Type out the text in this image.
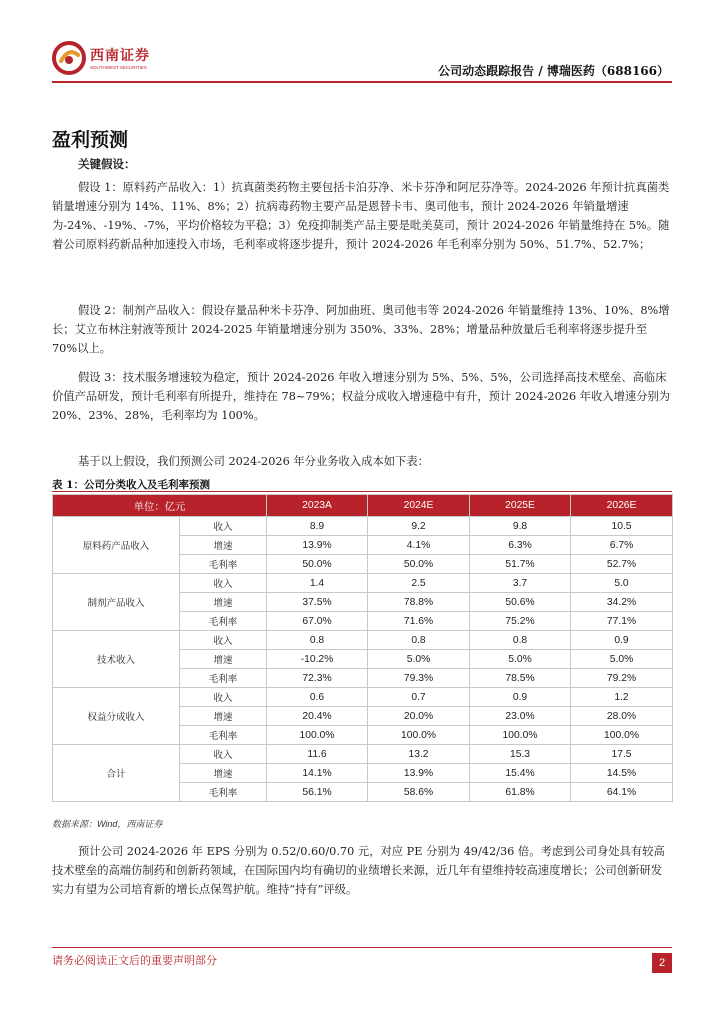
西南证券
SOUTHWEST SECURITIES	公司动态跟踪报告 / 博瑞医药（688166）
盈利预测
关键假设：

假设 1：原料药产品收入：1）抗真菌类药物主要包括卡泊芬净、米卡芬净和阿尼芬净等。2024-2026 年预计抗真菌类销量增速分别为 14%、11%、8%；2）抗病毒药物主要产品是恩替卡韦、奥司他韦，预计 2024-2026 年销量增速为-24%、-19%、-7%，平均价格较为平稳；3）免疫抑制类产品主要是吡美莫司，预计 2024-2026 年销量维持在 5%。随着公司原料药新品种加速投入市场，毛利率或将逐步提升，预计 2024-2026 年毛利率分别为 50%、51.7%、52.7%；

假设 2：制剂产品收入：假设存量品种米卡芬净、阿加曲班、奥司他韦等 2024-2026 年销量维持 13%、10%、8%增长；艾立布林注射液等预计 2024-2025 年销量增速分别为 350%、33%、28%；增量品种放量后毛利率将逐步提升至 70%以上。

假设 3：技术服务增速较为稳定，预计 2024-2026 年收入增速分别为 5%、5%、5%，公司选择高技术壁垒、高临床价值产品研发，预计毛利率有所提升，维持在 78~79%；权益分成收入增速稳中有升，预计 2024-2026 年收入增速分别为 20%、23%、28%，毛利率均为 100%。

基于以上假设，我们预测公司 2024-2026 年分业务收入成本如下表：

表 1：公司分类收入及毛利率预测
单位：亿元		2023A	2024E	2025E	2026E
原料药产品收入	收入	8.9	9.2	9.8	10.5
	增速	13.9%	4.1%	6.3%	6.7%
	毛利率	50.0%	50.0%	51.7%	52.7%
制剂产品收入	收入	1.4	2.5	3.7	5.0
	增速	37.5%	78.8%	50.6%	34.2%
	毛利率	67.0%	71.6%	75.2%	77.1%
技术收入	收入	0.8	0.8	0.8	0.9
	增速	-10.2%	5.0%	5.0%	5.0%
	毛利率	72.3%	79.3%	78.5%	79.2%
权益分成收入	收入	0.6	0.7	0.9	1.2
	增速	20.4%	20.0%	23.0%	28.0%
	毛利率	100.0%	100.0%	100.0%	100.0%
合计	收入	11.6	13.2	15.3	17.5
	增速	14.1%	13.9%	15.4%	14.5%
	毛利率	56.1%	58.6%	61.8%	64.1%
数据来源：Wind，西南证券

预计公司 2024-2026 年 EPS 分别为 0.52/0.60/0.70 元，对应 PE 分别为 49/42/36 倍。考虑到公司身处具有较高技术壁垒的高端仿制药和创新药领域，在国际国内均有确切的业绩增长来源，近几年有望维持较高速度增长；公司创新研发实力有望为公司培育新的增长点保驾护航。维持“持有”评级。

请务必阅读正文后的重要声明部分	2
